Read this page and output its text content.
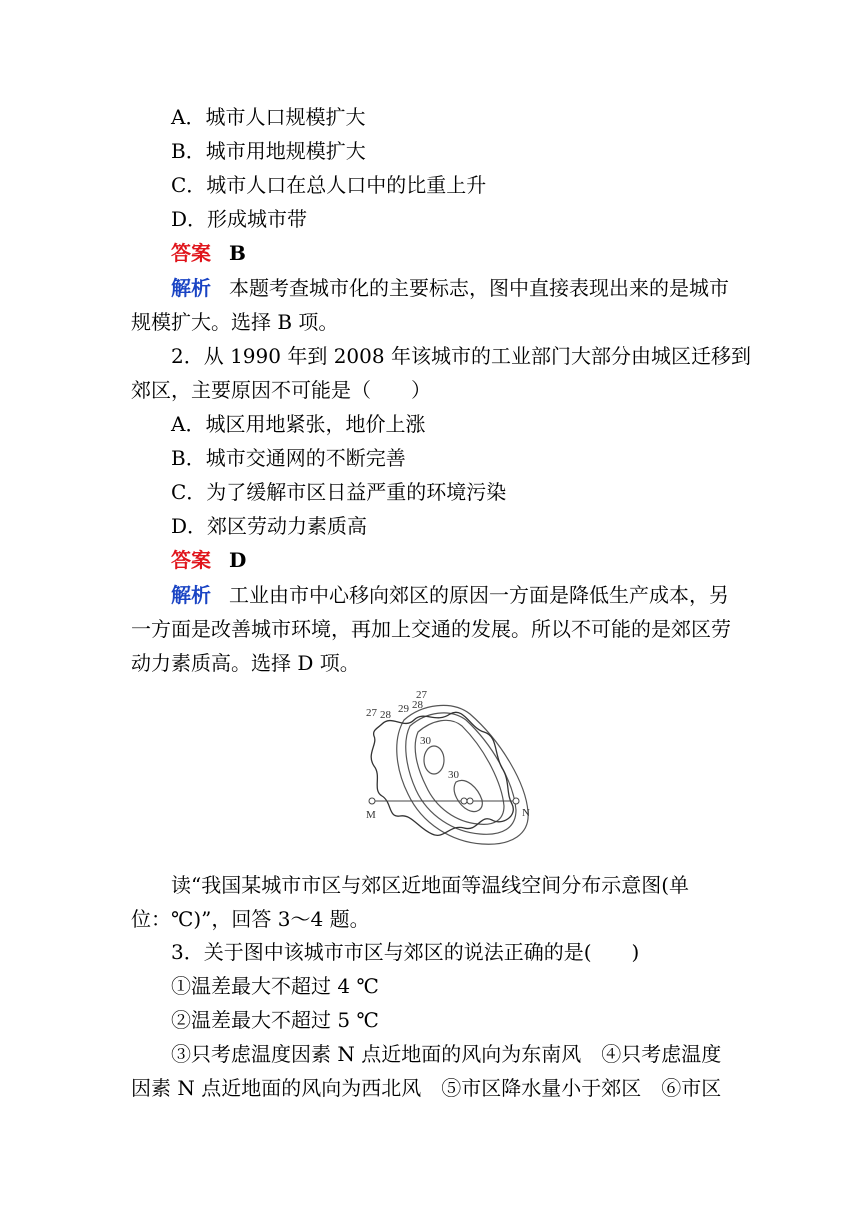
A．城市人口规模扩大
B．城市用地规模扩大
C．城市人口在总人口中的比重上升
D．形成城市带
答案 B
解析 本题考查城市化的主要标志，图中直接表现出来的是城市
规模扩大。选择 B 项。
2．从 1990 年到 2008 年该城市的工业部门大部分由城区迁移到
郊区，主要原因不可能是（　　）
A．城区用地紧张，地价上涨
B．城市交通网的不断完善
C．为了缓解市区日益严重的环境污染
D．郊区劳动力素质高
答案 D
解析 工业由市中心移向郊区的原因一方面是降低生产成本，另
一方面是改善城市环境，再加上交通的发展。所以不可能的是郊区劳
动力素质高。选择 D 项。
27 28 29 28
27
30
30
M	N
读“我国某城市市区与郊区近地面等温线空间分布示意图(单
位：℃)”，回答 3～4 题。
3．关于图中该城市市区与郊区的说法正确的是(　　)
①温差最大不超过 4 ℃
②温差最大不超过 5 ℃
③只考虑温度因素 N 点近地面的风向为东南风　④只考虑温度
因素 N 点近地面的风向为西北风　⑤市区降水量小于郊区　⑥市区
